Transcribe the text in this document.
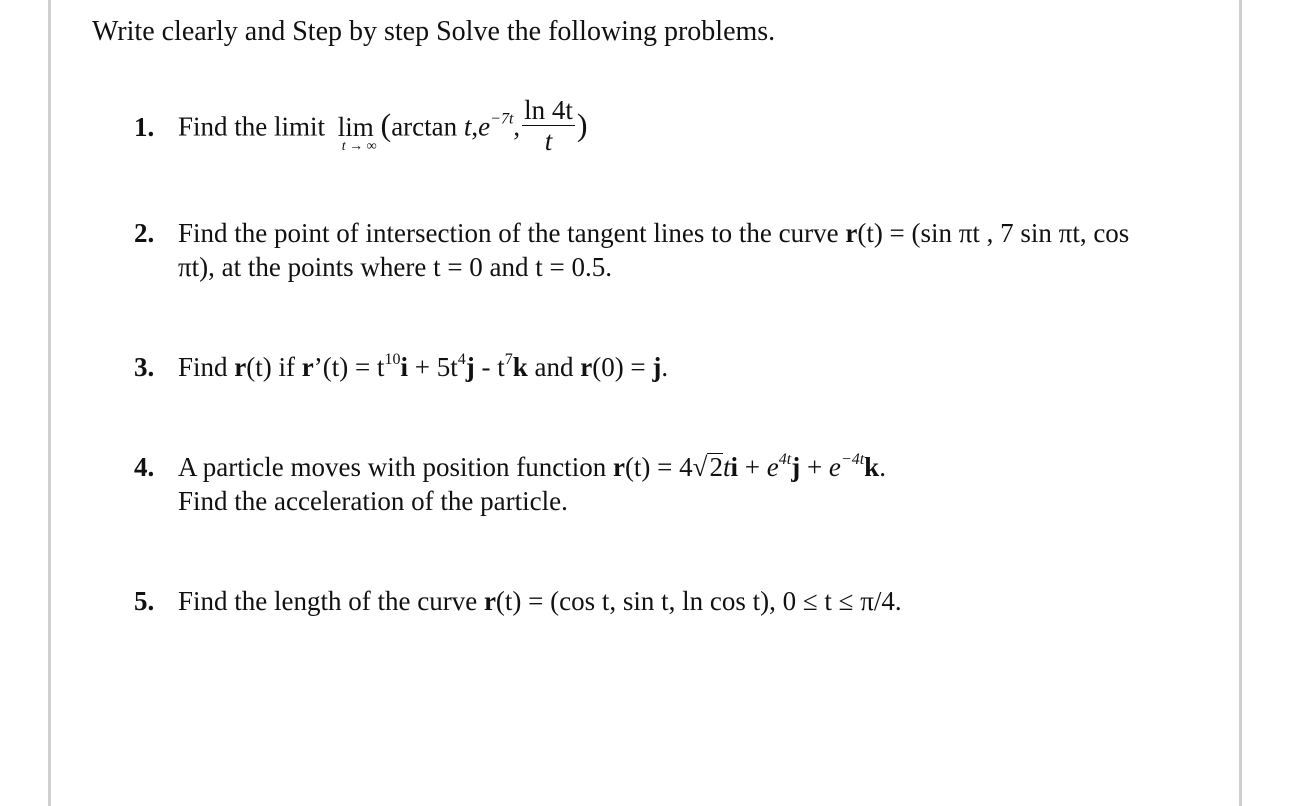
Write clearly and Step by step Solve the following problems.
1. Find the limit lim
t → ∞
(arctan $t,e^{-7t}$, $\frac{\ln 4t}{t}$ )
2. Find the point of intersection of the tangent lines to the curve r(t) = (sin πt , 7 sin πt, cos
πt), at the points where t = 0 and t = 0.5.
3. Find r(t) if r’(t) = $t^{10}i + 5t^4j - t^7k$ and r(0) = j.
4. A particle moves with position function $r(t) = 4√2ti + e^{4t}j + e^{-4t}k$.
Find the acceleration of the particle.
5. Find the length of the curve r(t) = (cos t, sin t, ln cos t), 0 ≤ t ≤ π/4.
